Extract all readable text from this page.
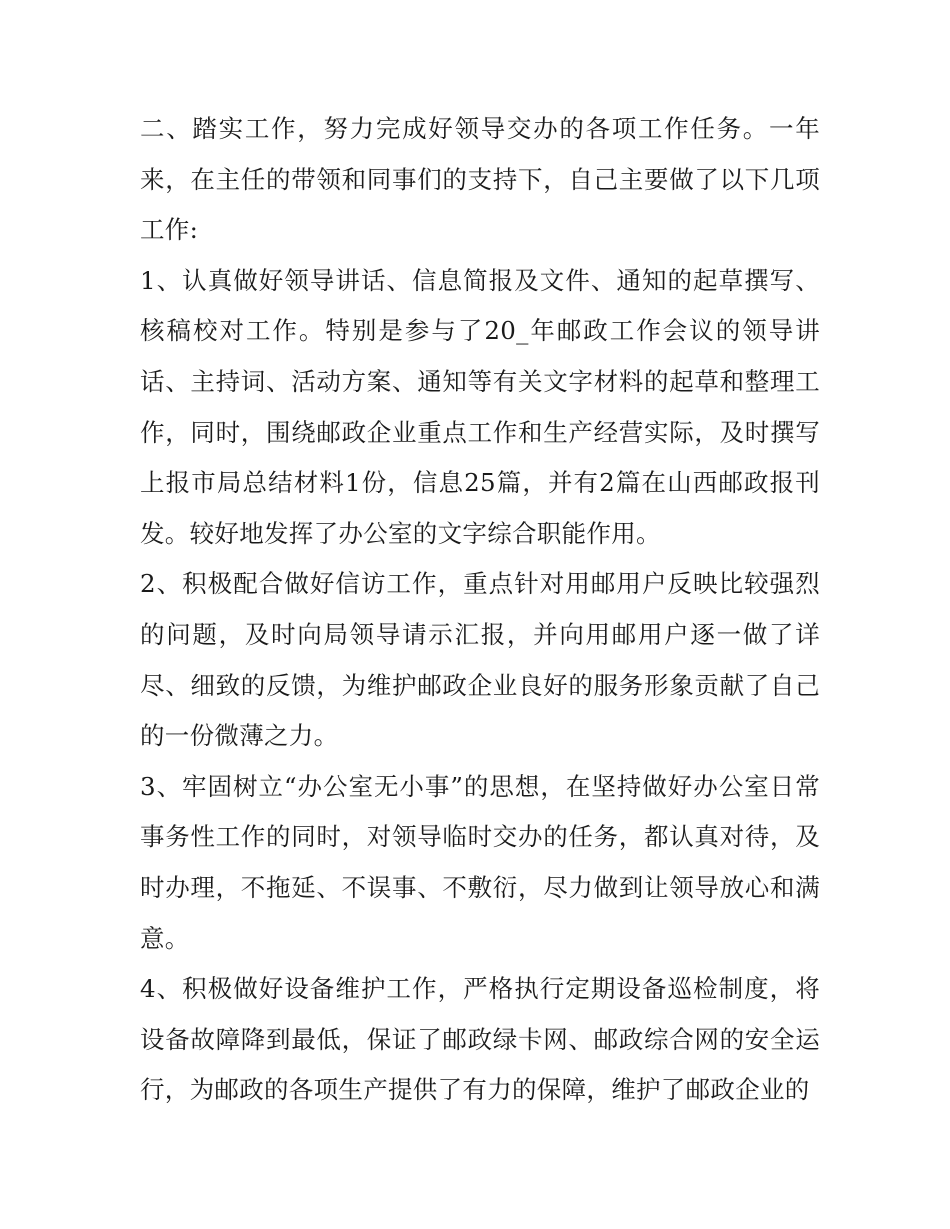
二、踏实工作，努力完成好领导交办的各项工作任务。一年来，在主任的带领和同事们的支持下，自己主要做了以下几项工作:

1、认真做好领导讲话、信息简报及文件、通知的起草撰写、核稿校对工作。特别是参与了20_年邮政工作会议的领导讲话、主持词、活动方案、通知等有关文字材料的起草和整理工作，同时，围绕邮政企业重点工作和生产经营实际，及时撰写上报市局总结材料1份，信息25篇，并有2篇在山西邮政报刊发。较好地发挥了办公室的文字综合职能作用。

2、积极配合做好信访工作，重点针对用邮用户反映比较强烈的问题，及时向局领导请示汇报，并向用邮用户逐一做了详尽、细致的反馈，为维护邮政企业良好的服务形象贡献了自己的一份微薄之力。

3、牢固树立“办公室无小事”的思想，在坚持做好办公室日常事务性工作的同时，对领导临时交办的任务，都认真对待，及时办理，不拖延、不误事、不敷衍，尽力做到让领导放心和满意。

4、积极做好设备维护工作，严格执行定期设备巡检制度，将设备故障降到最低，保证了邮政绿卡网、邮政综合网的安全运行，为邮政的各项生产提供了有力的保障，维护了邮政企业的
